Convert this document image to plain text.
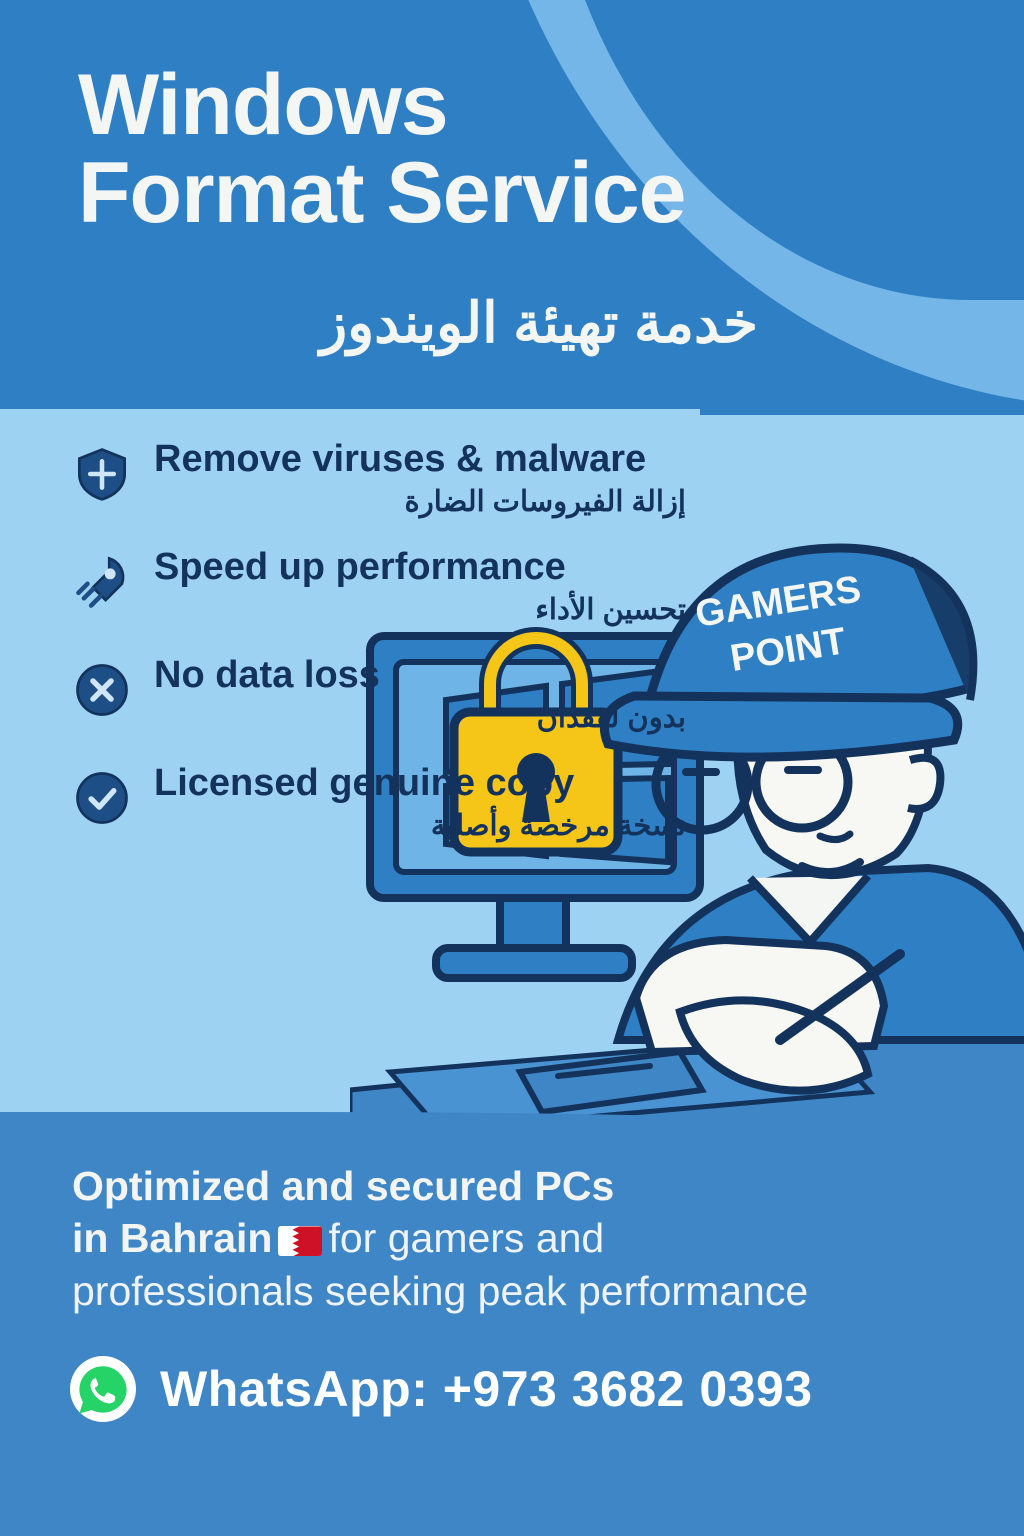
Windows
Format Service
خدمة تهيئة الويندوز
GAMERS
POINT
Remove viruses & malware
إزالة الفيروسات الضارة
Speed up performance
تحسين الأداء
No data loss
بدون لفقدان
Licensed genuine copy
نسخة مرخصة وأصلية
Optimized and secured PCs
in Bahrain for gamers and
professionals seeking peak performance
WhatsApp: +973 3682 0393
